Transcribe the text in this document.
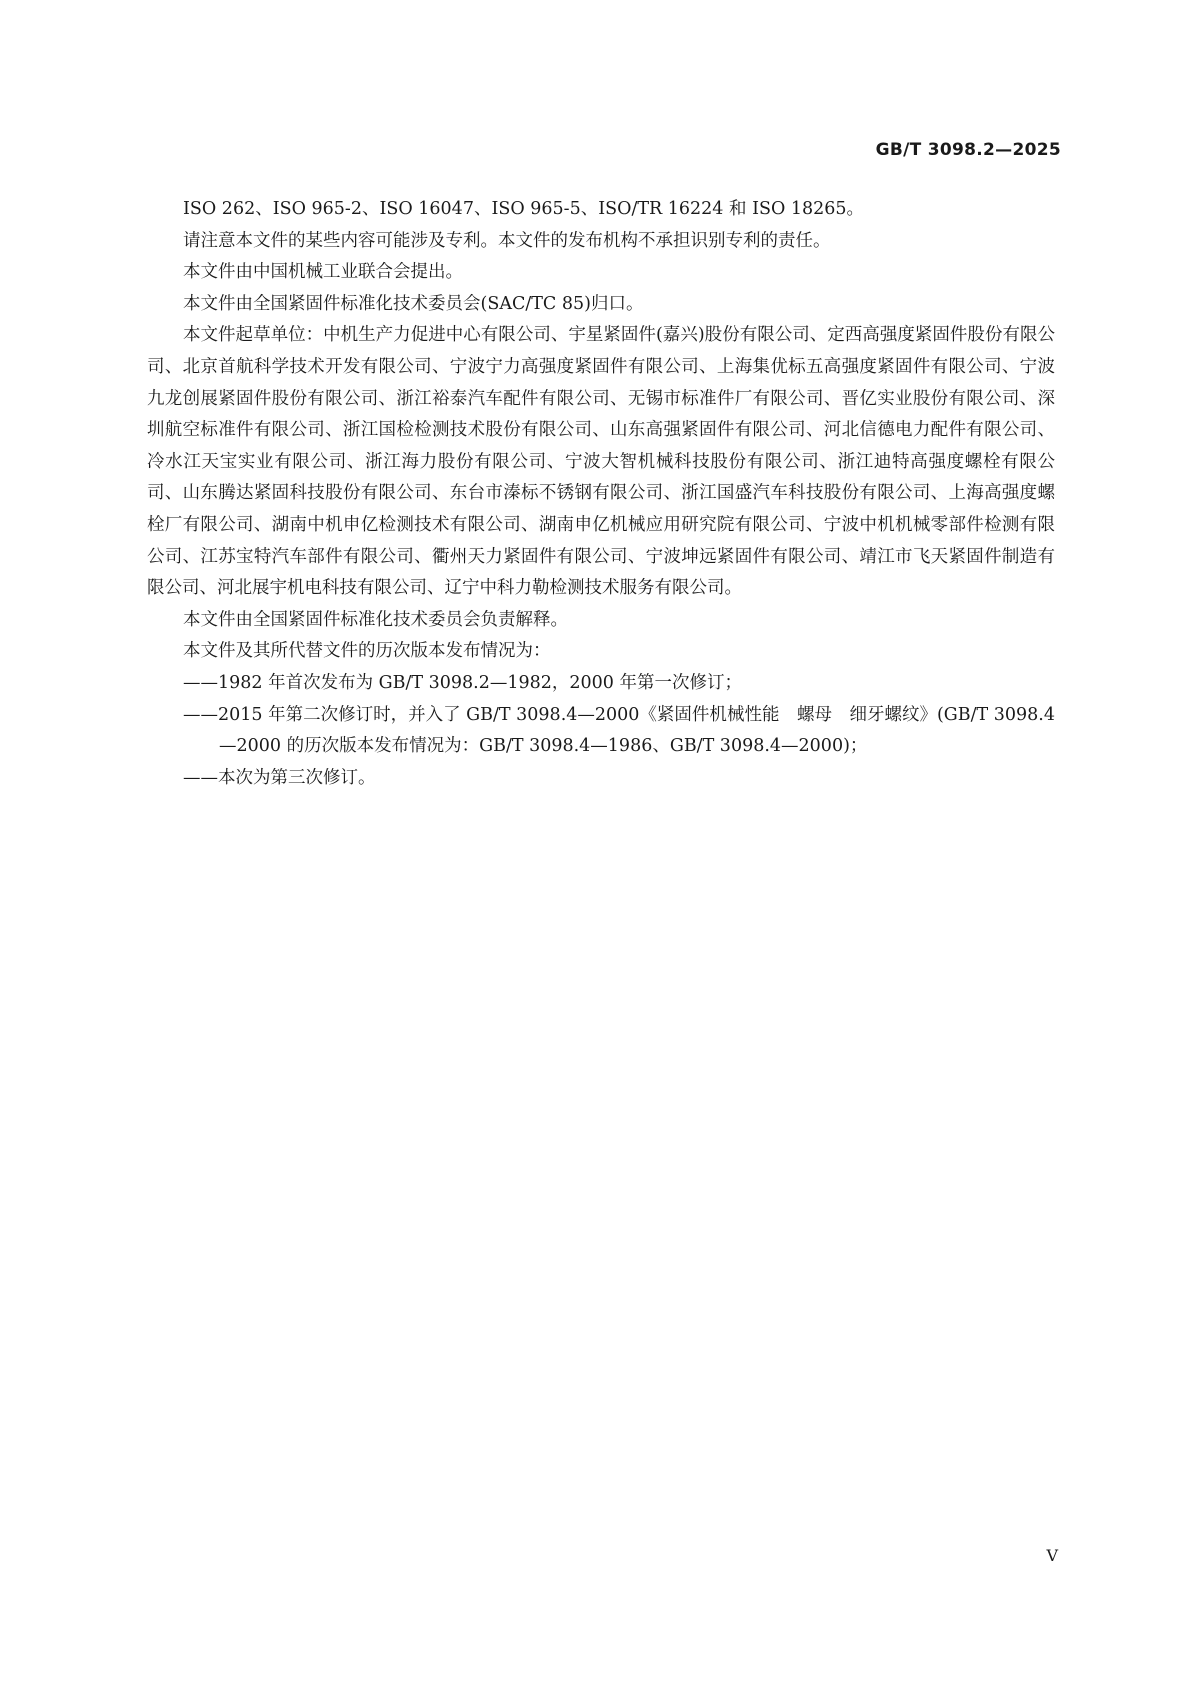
GB/T 3098.2—2025

ISO 262、ISO 965-2、ISO 16047、ISO 965-5、ISO/TR 16224 和 ISO 18265。

请注意本文件的某些内容可能涉及专利。本文件的发布机构不承担识别专利的责任。

本文件由中国机械工业联合会提出。

本文件由全国紧固件标准化技术委员会(SAC/TC 85)归口。

本文件起草单位：中机生产力促进中心有限公司、宇星紧固件(嘉兴)股份有限公司、定西高强度紧固件股份有限公司、北京首航科学技术开发有限公司、宁波宁力高强度紧固件有限公司、上海集优标五高强度紧固件有限公司、宁波九龙创展紧固件股份有限公司、浙江裕泰汽车配件有限公司、无锡市标准件厂有限公司、晋亿实业股份有限公司、深圳航空标准件有限公司、浙江国检检测技术股份有限公司、山东高强紧固件有限公司、河北信德电力配件有限公司、冷水江天宝实业有限公司、浙江海力股份有限公司、宁波大智机械科技股份有限公司、浙江迪特高强度螺栓有限公司、山东腾达紧固科技股份有限公司、东台市溱标不锈钢有限公司、浙江国盛汽车科技股份有限公司、上海高强度螺栓厂有限公司、湖南中机申亿检测技术有限公司、湖南申亿机械应用研究院有限公司、宁波中机机械零部件检测有限公司、江苏宝特汽车部件有限公司、衢州天力紧固件有限公司、宁波坤远紧固件有限公司、靖江市飞天紧固件制造有限公司、河北展宇机电科技有限公司、辽宁中科力勒检测技术服务有限公司。

本文件由全国紧固件标准化技术委员会负责解释。

本文件及其所代替文件的历次版本发布情况为：

——1982 年首次发布为 GB/T 3098.2—1982，2000 年第一次修订；

——2015 年第二次修订时，并入了 GB/T 3098.4—2000《紧固件机械性能　螺母　细牙螺纹》(GB/T 3098.4—2000 的历次版本发布情况为：GB/T 3098.4—1986、GB/T 3098.4—2000)；

——本次为第三次修订。

V
